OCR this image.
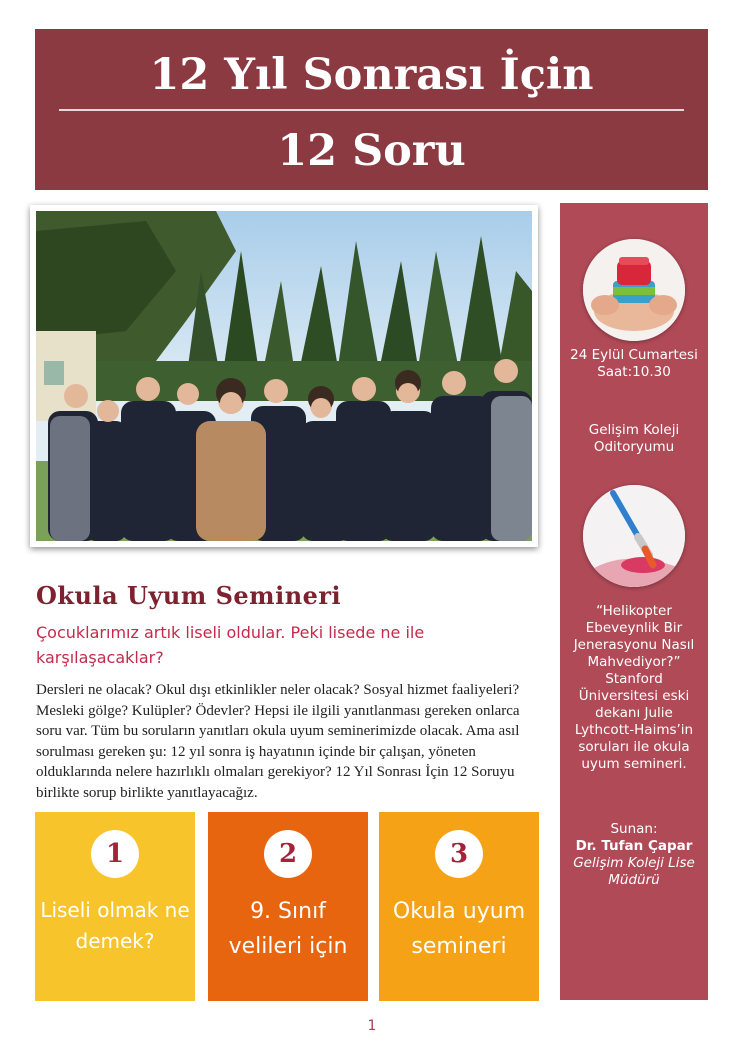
12 Yıl Sonrası İçin
12 Soru
24 Eylül Cumartesi Saat:10.30
Gelişim Koleji Oditoryumu
“Helikopter Ebeveynlik Bir Jenerasyonu Nasıl Mahvediyor?” Stanford Üniversitesi eski dekanı Julie Lythcott-Haims’in soruları ile okula uyum semineri.
Sunan:
Dr. Tufan Çapar
Gelişim Koleji Lise Müdürü
Okula Uyum Semineri
Çocuklarımız artık liseli oldular. Peki lisede ne ile karşılaşacaklar?
Dersleri ne olacak? Okul dışı etkinlikler neler olacak? Sosyal hizmet faaliyeleri? Mesleki gölge? Kulüpler? Ödevler? Hepsi ile ilgili yanıtlanması gereken onlarca soru var. Tüm bu soruların yanıtları okula uyum seminerimizde olacak. Ama asıl sorulması gereken şu: 12 yıl sonra iş hayatının içinde bir çalışan, yöneten olduklarında nelere hazırlıklı olmaları gerekiyor? 12 Yıl Sonrası İçin 12 Soruyu birlikte sorup birlikte yanıtlayacağız.
1
Liseli olmak ne demek?
2
9. Sınıf velileri için
3
Okula uyum semineri
1
